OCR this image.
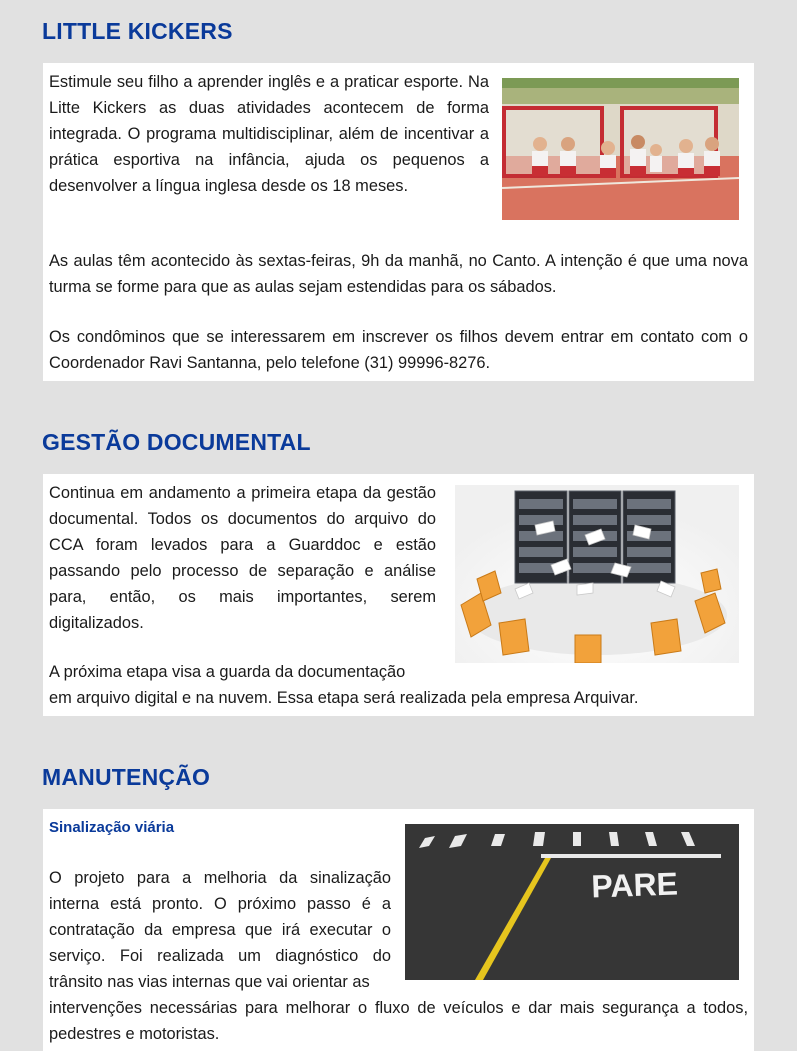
LITTLE KICKERS

Estimule seu filho a aprender inglês e a praticar esporte. Na Litte Kickers as duas atividades acontecem de forma integrada. O programa multidisciplinar, além de incentivar a prática esportiva na infância, ajuda os pequenos a desenvolver a língua inglesa desde os 18 meses.

As aulas têm acontecido às sextas-feiras, 9h da manhã, no Canto. A intenção é que uma nova turma se forme para que as aulas sejam estendidas para os sábados.

Os condôminos que se interessarem em inscrever os filhos devem entrar em contato com o Coordenador Ravi Santanna, pelo telefone (31) 99996-8276.

GESTÃO DOCUMENTAL

Continua em andamento a primeira etapa da gestão documental. Todos os documentos do arquivo do CCA foram levados para a Guarddoc e estão passando pelo processo de separação e análise para, então, os mais importantes, serem digitalizados.

A próxima etapa visa a guarda da documentação

em arquivo digital e na nuvem. Essa etapa será realizada pela empresa Arquivar.

MANUTENÇÃO

Sinalização viária

O projeto para a melhoria da sinalização interna está pronto. O próximo passo é a contratação da empresa que irá executar o serviço. Foi realizada um diagnóstico do trânsito nas vias internas que vai orientar as

PARE

intervenções necessárias para melhorar o fluxo de veículos e dar mais segurança a todos, pedestres e motoristas.
